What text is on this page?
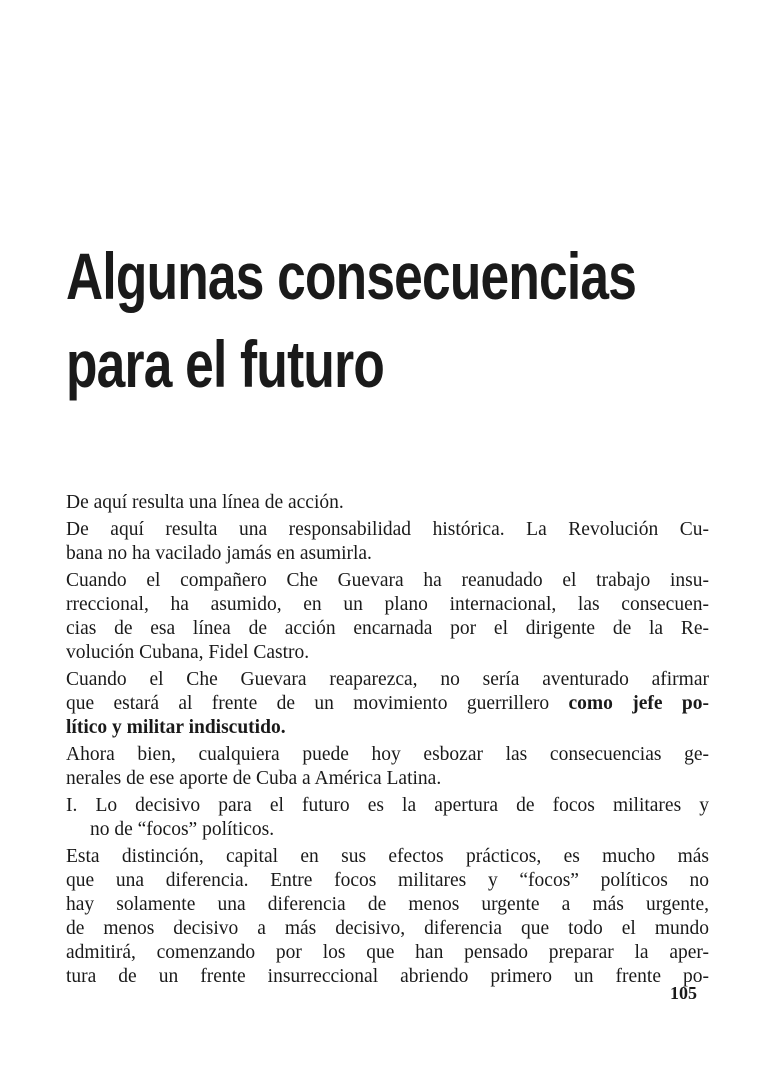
Algunas consecuencias
para el futuro

De aquí resulta una línea de acción.

De aquí resulta una responsabilidad histórica. La Revolución Cu-
bana no ha vacilado jamás en asumirla.

Cuando el compañero Che Guevara ha reanudado el trabajo insu-
rreccional, ha asumido, en un plano internacional, las consecuen-
cias de esa línea de acción encarnada por el dirigente de la Re-
volución Cubana, Fidel Castro.

Cuando el Che Guevara reaparezca, no sería aventurado afirmar
que estará al frente de un movimiento guerrillero como jefe po-
lítico y militar indiscutido.

Ahora bien, cualquiera puede hoy esbozar las consecuencias ge-
nerales de ese aporte de Cuba a América Latina.

I. Lo decisivo para el futuro es la apertura de focos militares y
no de “focos” políticos.

Esta distinción, capital en sus efectos prácticos, es mucho más
que una diferencia. Entre focos militares y “focos” políticos no
hay solamente una diferencia de menos urgente a más urgente,
de menos decisivo a más decisivo, diferencia que todo el mundo
admitirá, comenzando por los que han pensado preparar la aper-
tura de un frente insurreccional abriendo primero un frente po-

105
